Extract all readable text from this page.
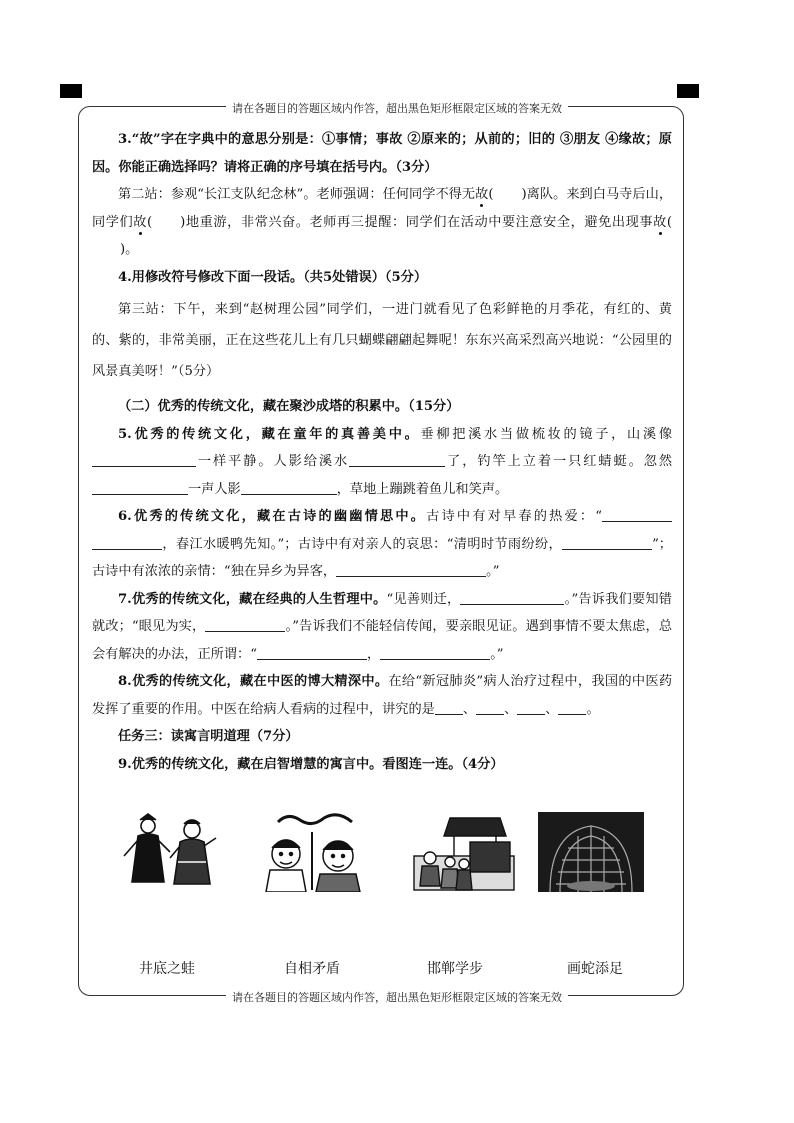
请在各题目的答题区域内作答，超出黑色矩形框限定区域的答案无效
请在各题目的答题区域内作答，超出黑色矩形框限定区域的答案无效

3.“故”字在字典中的意思分别是：①事情；事故 ②原来的；从前的；旧的 ③朋友 ④缘故；原因。你能正确选择吗？请将正确的序号填在括号内。（3分）

第二站：参观“长江支队纪念林”。老师强调：任何同学不得无故( )离队。来到白马寺后山，同学们故( )地重游，非常兴奋。老师再三提醒：同学们在活动中要注意安全，避免出现事故()。

4.用修改符号修改下面一段话。（共5处错误）（5分）

第三站：下午，来到“赵树理公园”同学们，一进门就看见了色彩鲜艳的月季花，有红的、黄的、紫的，非常美丽，正在这些花儿上有几只蝴蝶翩翩起舞呢！东东兴高采烈高兴地说：“公园里的风景真美呀！”（5分）

（二）优秀的传统文化，藏在聚沙成塔的积累中。（15分）

5.优秀的传统文化，藏在童年的真善美中。垂柳把溪水当做梳妆的镜子，山溪像一样平静。人影给溪水	了，钓竿上立着一只红蜻蜓。忽然一声人影	，草地上蹦跳着鱼儿和笑声。

6.优秀的传统文化，藏在古诗的幽幽情思中。古诗中有对早春的热爱：“，春江水暖鸭先知。”；古诗中有对亲人的哀思：“清明时节雨纷纷，	”；古诗中有浓浓的亲情：“独在异乡为异客，	。”

7.优秀的传统文化，藏在经典的人生哲理中。“见善则迁，	。”告诉我们要知错就改；“眼见为实，	。”告诉我们不能轻信传闻，要亲眼见证。遇到事情不要太焦虑，总会有解决的办法，正所谓：“	，	。”

8.优秀的传统文化，藏在中医的博大精深中。在给“新冠肺炎”病人治疗过程中，我国的中医药发挥了重要的作用。中医在给病人看病的过程中，讲究的是 、 、 、 。

任务三：读寓言明道理（7分）

9.优秀的传统文化，藏在启智增慧的寓言中。看图连一连。（4分）

井底之蛙	自相矛盾	邯郸学步	画蛇添足
